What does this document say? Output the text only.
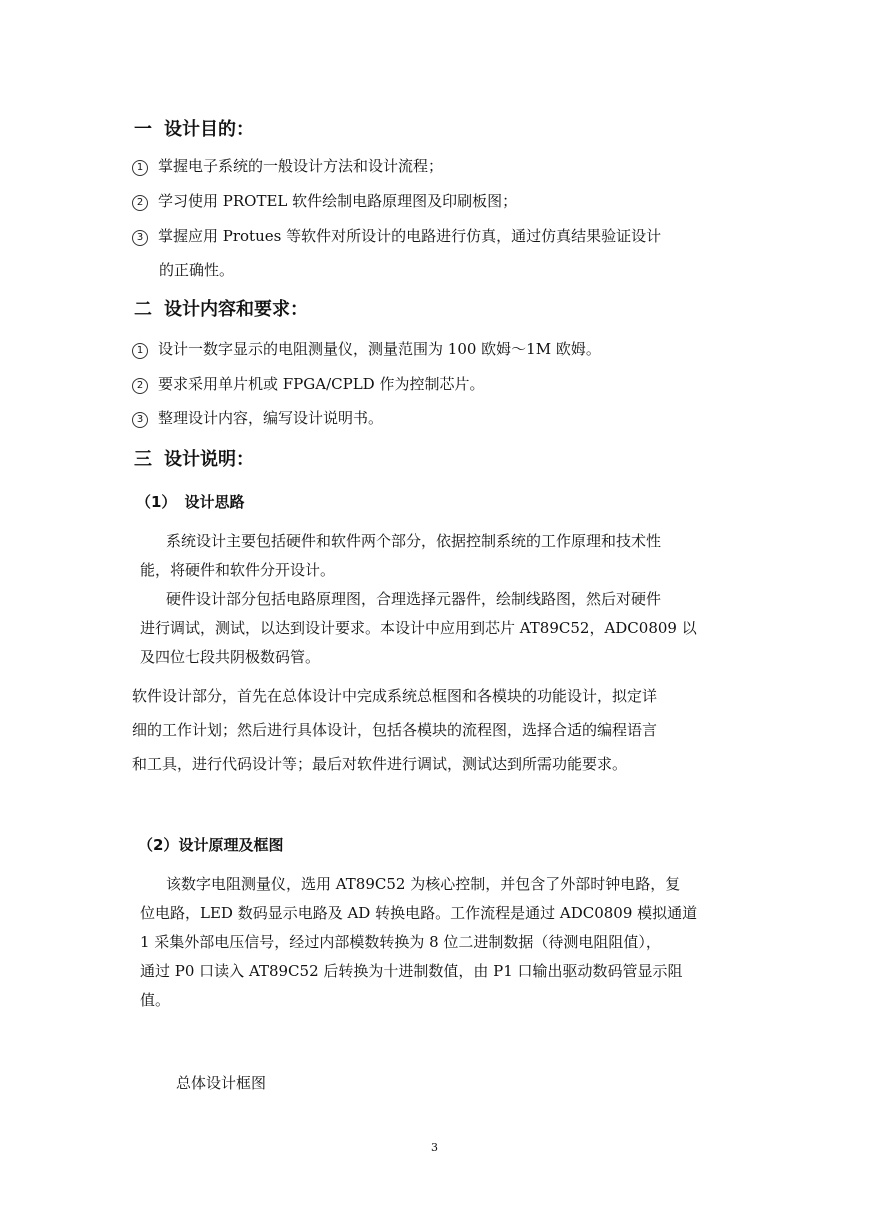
一 设计目的：

1 掌握电子系统的一般设计方法和设计流程；

2 学习使用 PROTEL 软件绘制电路原理图及印刷板图；

3 掌握应用 Protues 等软件对所设计的电路进行仿真，通过仿真结果验证设计

的正确性。

二 设计内容和要求：

1 设计一数字显示的电阻测量仪，测量范围为 100 欧姆～1M 欧姆。

2 要求采用单片机或 FPGA/CPLD 作为控制芯片。

3 整理设计内容，编写设计说明书。

三 设计说明：

（1） 设计思路

系统设计主要包括硬件和软件两个部分，依据控制系统的工作原理和技术性
能，将硬件和软件分开设计。
硬件设计部分包括电路原理图，合理选择元器件，绘制线路图，然后对硬件
进行调试，测试，以达到设计要求。本设计中应用到芯片 AT89C52，ADC0809 以
及四位七段共阴极数码管。
软件设计部分，首先在总体设计中完成系统总框图和各模块的功能设计，拟定详
细的工作计划；然后进行具体设计，包括各模块的流程图，选择合适的编程语言
和工具，进行代码设计等；最后对软件进行调试，测试达到所需功能要求。

（2）设计原理及框图

该数字电阻测量仪，选用 AT89C52 为核心控制，并包含了外部时钟电路，复
位电路，LED 数码显示电路及 AD 转换电路。工作流程是通过 ADC0809 模拟通道
1 采集外部电压信号，经过内部模数转换为 8 位二进制数据（待测电阻阻值），
通过 P0 口读入 AT89C52 后转换为十进制数值，由 P1 口输出驱动数码管显示阻
值。

总体设计框图

3
